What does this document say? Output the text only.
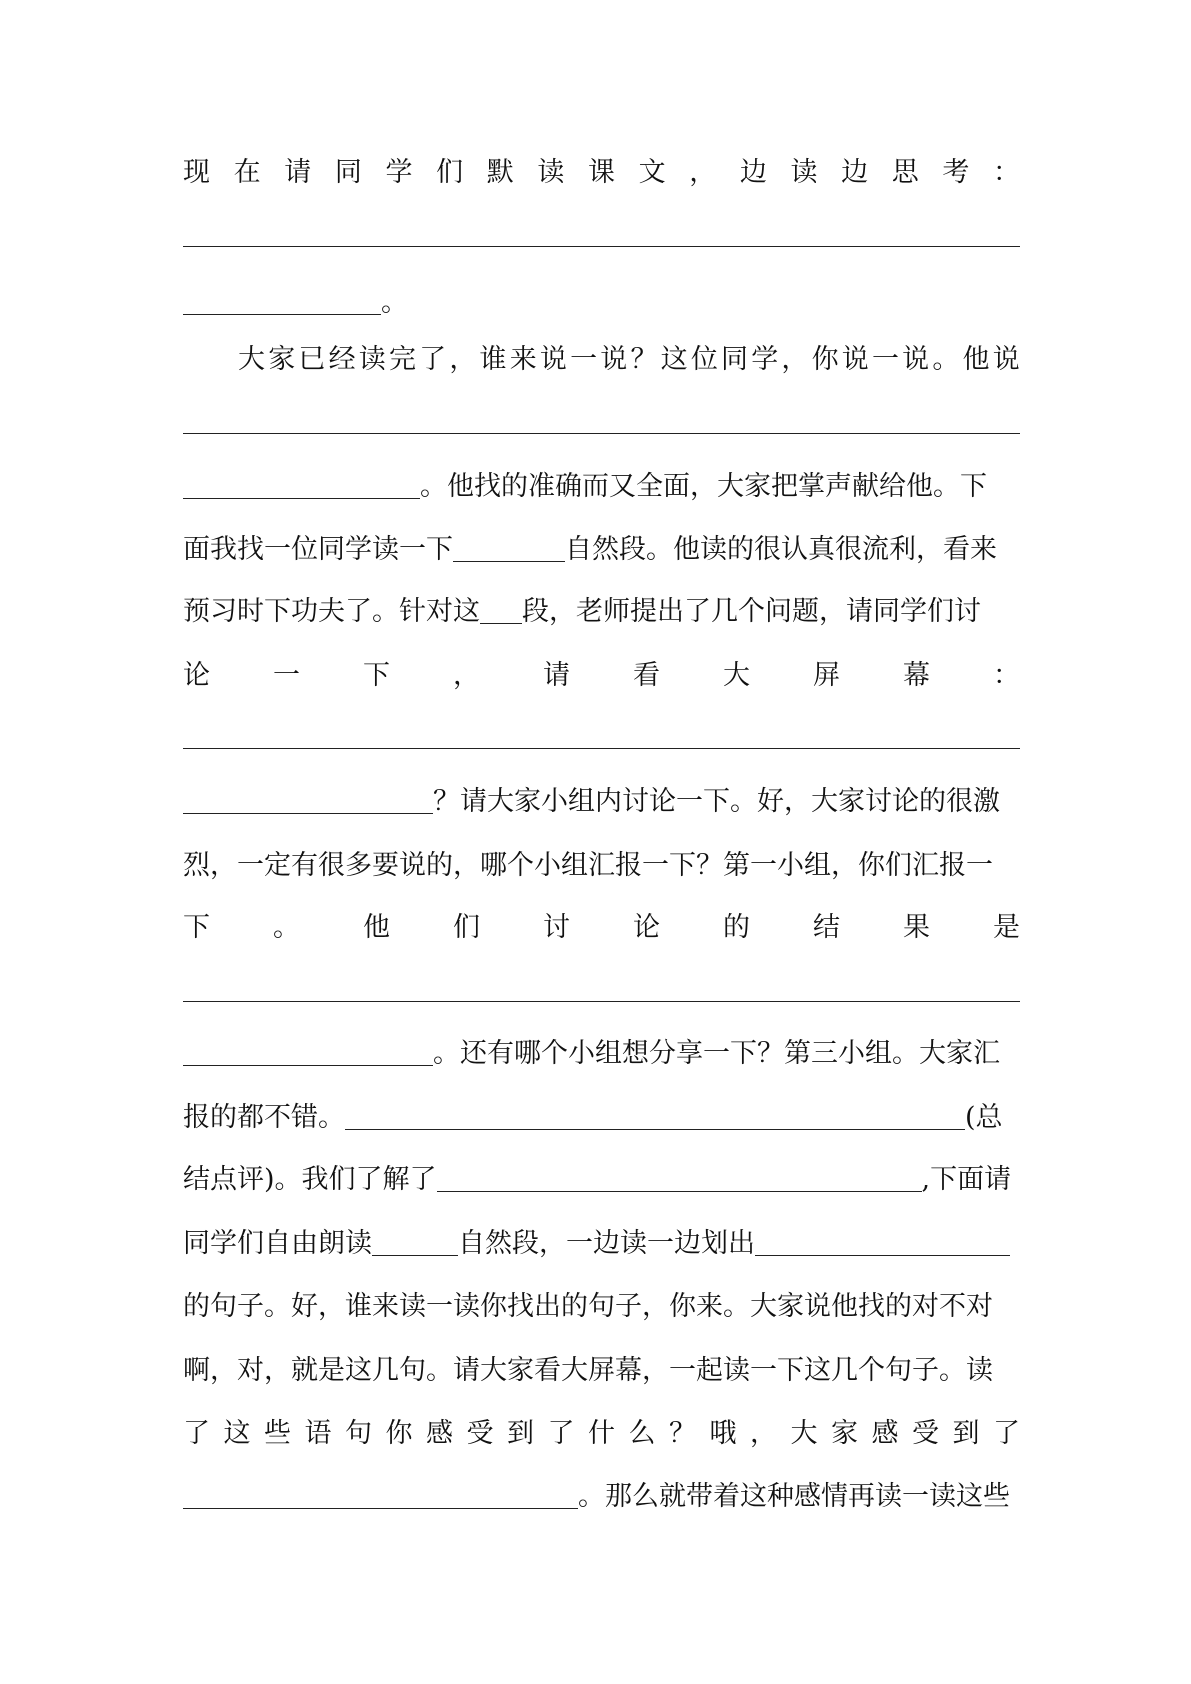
现 在 请 同 学 们 默 读 课 文 ， 边 读 边 思 考 ：
。
大 家 已 经 读 完 了 ， 谁 来 说 一 说 ？ 这 位 同 学 ， 你 说 一 说 。 他 说
。他找的准确而又全面，大家把掌声献给他。下
面我找一位同学读一下	自然段。他读的很认真很流利，看来
预习时下功夫了。针对这 段，老师提出了几个问题，请同学们讨
论 一 下 ， 请 看 大 屏 幕 ：
？请大家小组内讨论一下。好，大家讨论的很激
烈，一定有很多要说的，哪个小组汇报一下？第一小组，你们汇报一
下 。 他 们 讨 论 的 结 果 是
。还有哪个小组想分享一下？第三小组。大家汇
报的都不错。	(总
结点评)。我们了解了	,下面请
同学们自由朗读	自然段，一边读一边划出
的句子。好，谁来读一读你找出的句子，你来。大家说他找的对不对
啊，对，就是这几句。请大家看大屏幕，一起读一下这几个句子。读
了 这 些 语 句 你 感 受 到 了 什 么 ？ 哦 ， 大 家 感 受 到 了
。那么就带着这种感情再读一读这些
